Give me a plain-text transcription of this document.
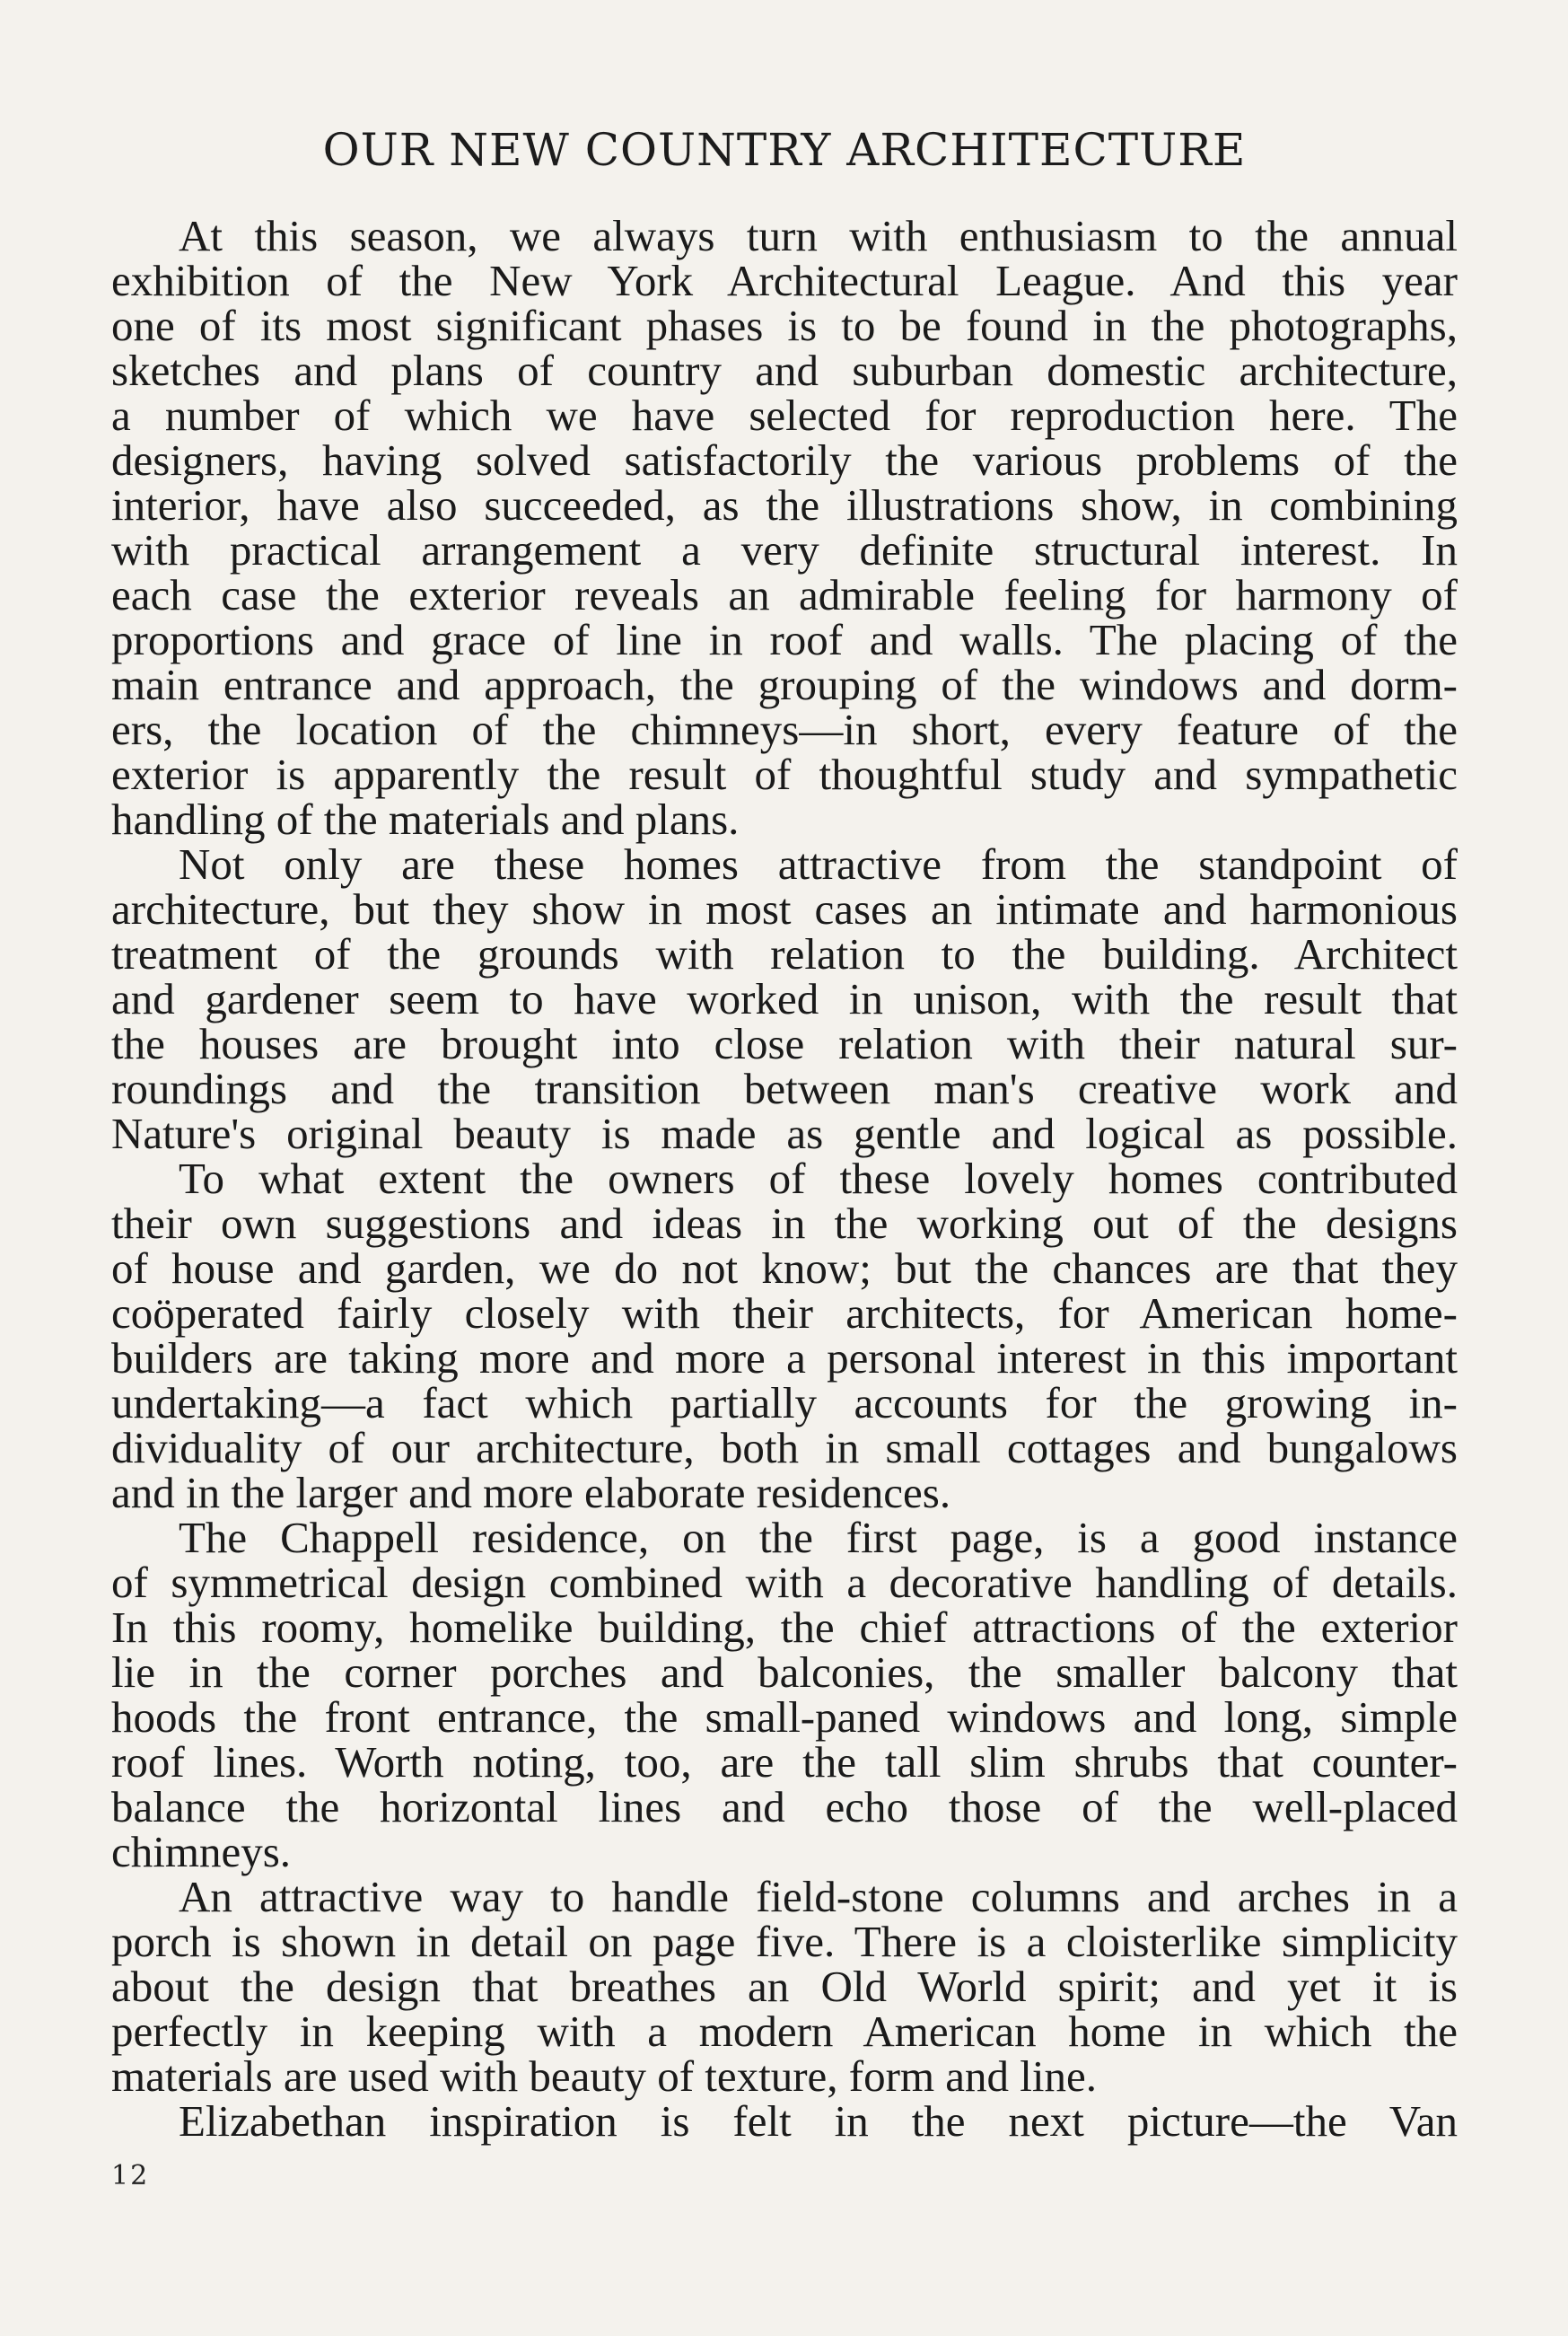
OUR NEW COUNTRY ARCHITECTURE
At this season, we always turn with enthusiasm to the annual
exhibition of the New York Architectural League. And this year
one of its most significant phases is to be found in the photographs,
sketches and plans of country and suburban domestic architecture,
a number of which we have selected for reproduction here. The
designers, having solved satisfactorily the various problems of the
interior, have also succeeded, as the illustrations show, in combining
with practical arrangement a very definite structural interest. In
each case the exterior reveals an admirable feeling for harmony of
proportions and grace of line in roof and walls. The placing of the
main entrance and approach, the grouping of the windows and dorm-
ers, the location of the chimneys—in short, every feature of the
exterior is apparently the result of thoughtful study and sympathetic
handling of the materials and plans.
Not only are these homes attractive from the standpoint of
architecture, but they show in most cases an intimate and harmonious
treatment of the grounds with relation to the building. Architect
and gardener seem to have worked in unison, with the result that
the houses are brought into close relation with their natural sur-
roundings and the transition between man's creative work and
Nature's original beauty is made as gentle and logical as possible.
To what extent the owners of these lovely homes contributed
their own suggestions and ideas in the working out of the designs
of house and garden, we do not know; but the chances are that they
coöperated fairly closely with their architects, for American home-
builders are taking more and more a personal interest in this important
undertaking—a fact which partially accounts for the growing in-
dividuality of our architecture, both in small cottages and bungalows
and in the larger and more elaborate residences.
The Chappell residence, on the first page, is a good instance
of symmetrical design combined with a decorative handling of details.
In this roomy, homelike building, the chief attractions of the exterior
lie in the corner porches and balconies, the smaller balcony that
hoods the front entrance, the small-paned windows and long, simple
roof lines. Worth noting, too, are the tall slim shrubs that counter-
balance the horizontal lines and echo those of the well-placed
chimneys.
An attractive way to handle field-stone columns and arches in a
porch is shown in detail on page five. There is a cloisterlike simplicity
about the design that breathes an Old World spirit; and yet it is
perfectly in keeping with a modern American home in which the
materials are used with beauty of texture, form and line.
Elizabethan inspiration is felt in the next picture—the Van
12
